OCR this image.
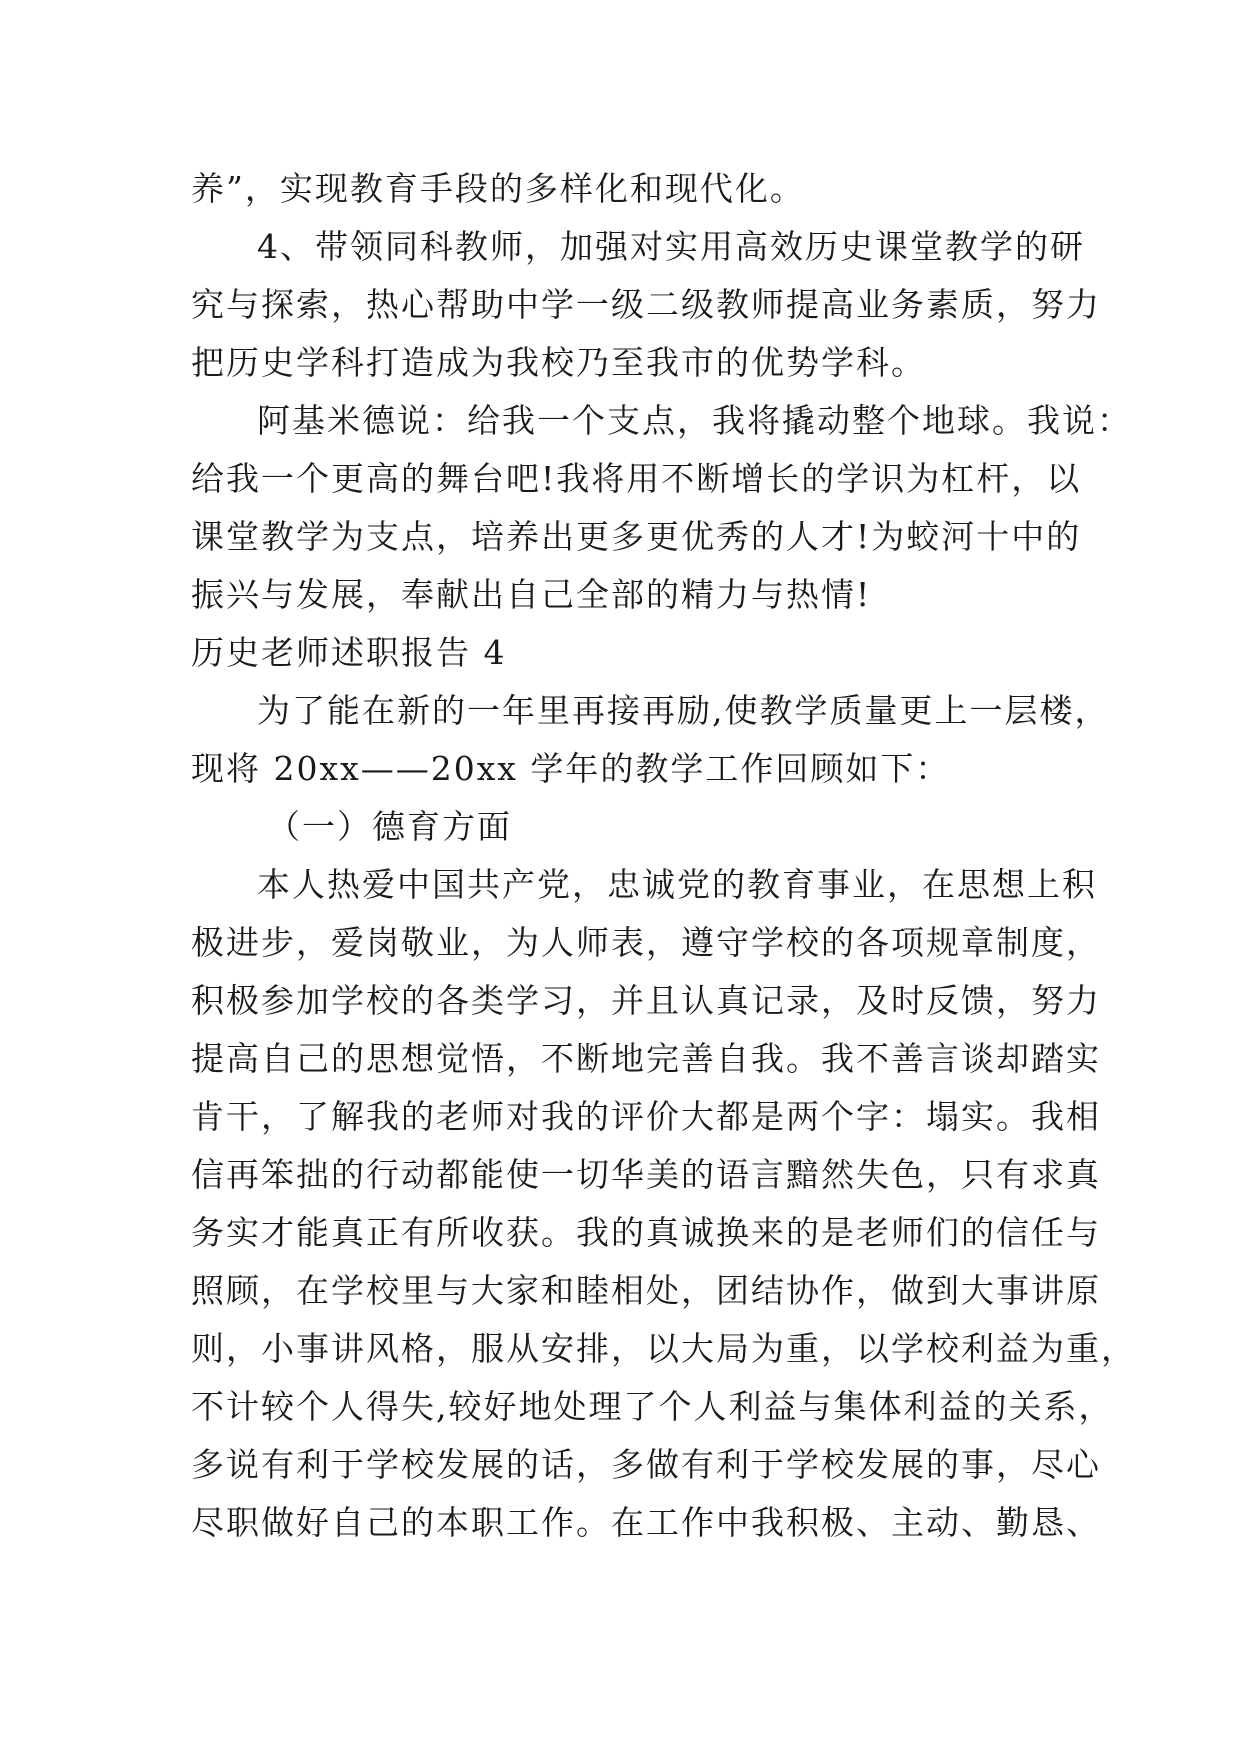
养”，实现教育手段的多样化和现代化。
4、带领同科教师，加强对实用高效历史课堂教学的研
究与探索，热心帮助中学一级二级教师提高业务素质，努力
把历史学科打造成为我校乃至我市的优势学科。
阿基米德说：给我一个支点，我将撬动整个地球。我说：
给我一个更高的舞台吧!我将用不断增长的学识为杠杆，以
课堂教学为支点，培养出更多更优秀的人才!为蛟河十中的
振兴与发展，奉献出自己全部的精力与热情!
历史老师述职报告 4
为了能在新的一年里再接再励,使教学质量更上一层楼，
现将 20xx——20xx 学年的教学工作回顾如下：
（一）德育方面
本人热爱中国共产党，忠诚党的教育事业，在思想上积
极进步，爱岗敬业，为人师表，遵守学校的各项规章制度，
积极参加学校的各类学习，并且认真记录，及时反馈，努力
提高自己的思想觉悟，不断地完善自我。我不善言谈却踏实
肯干，了解我的老师对我的评价大都是两个字：塌实。我相
信再笨拙的行动都能使一切华美的语言黯然失色，只有求真
务实才能真正有所收获。我的真诚换来的是老师们的信任与
照顾，在学校里与大家和睦相处，团结协作，做到大事讲原
则，小事讲风格，服从安排，以大局为重，以学校利益为重，
不计较个人得失,较好地处理了个人利益与集体利益的关系，
多说有利于学校发展的话，多做有利于学校发展的事，尽心
尽职做好自己的本职工作。在工作中我积极、主动、勤恳、
